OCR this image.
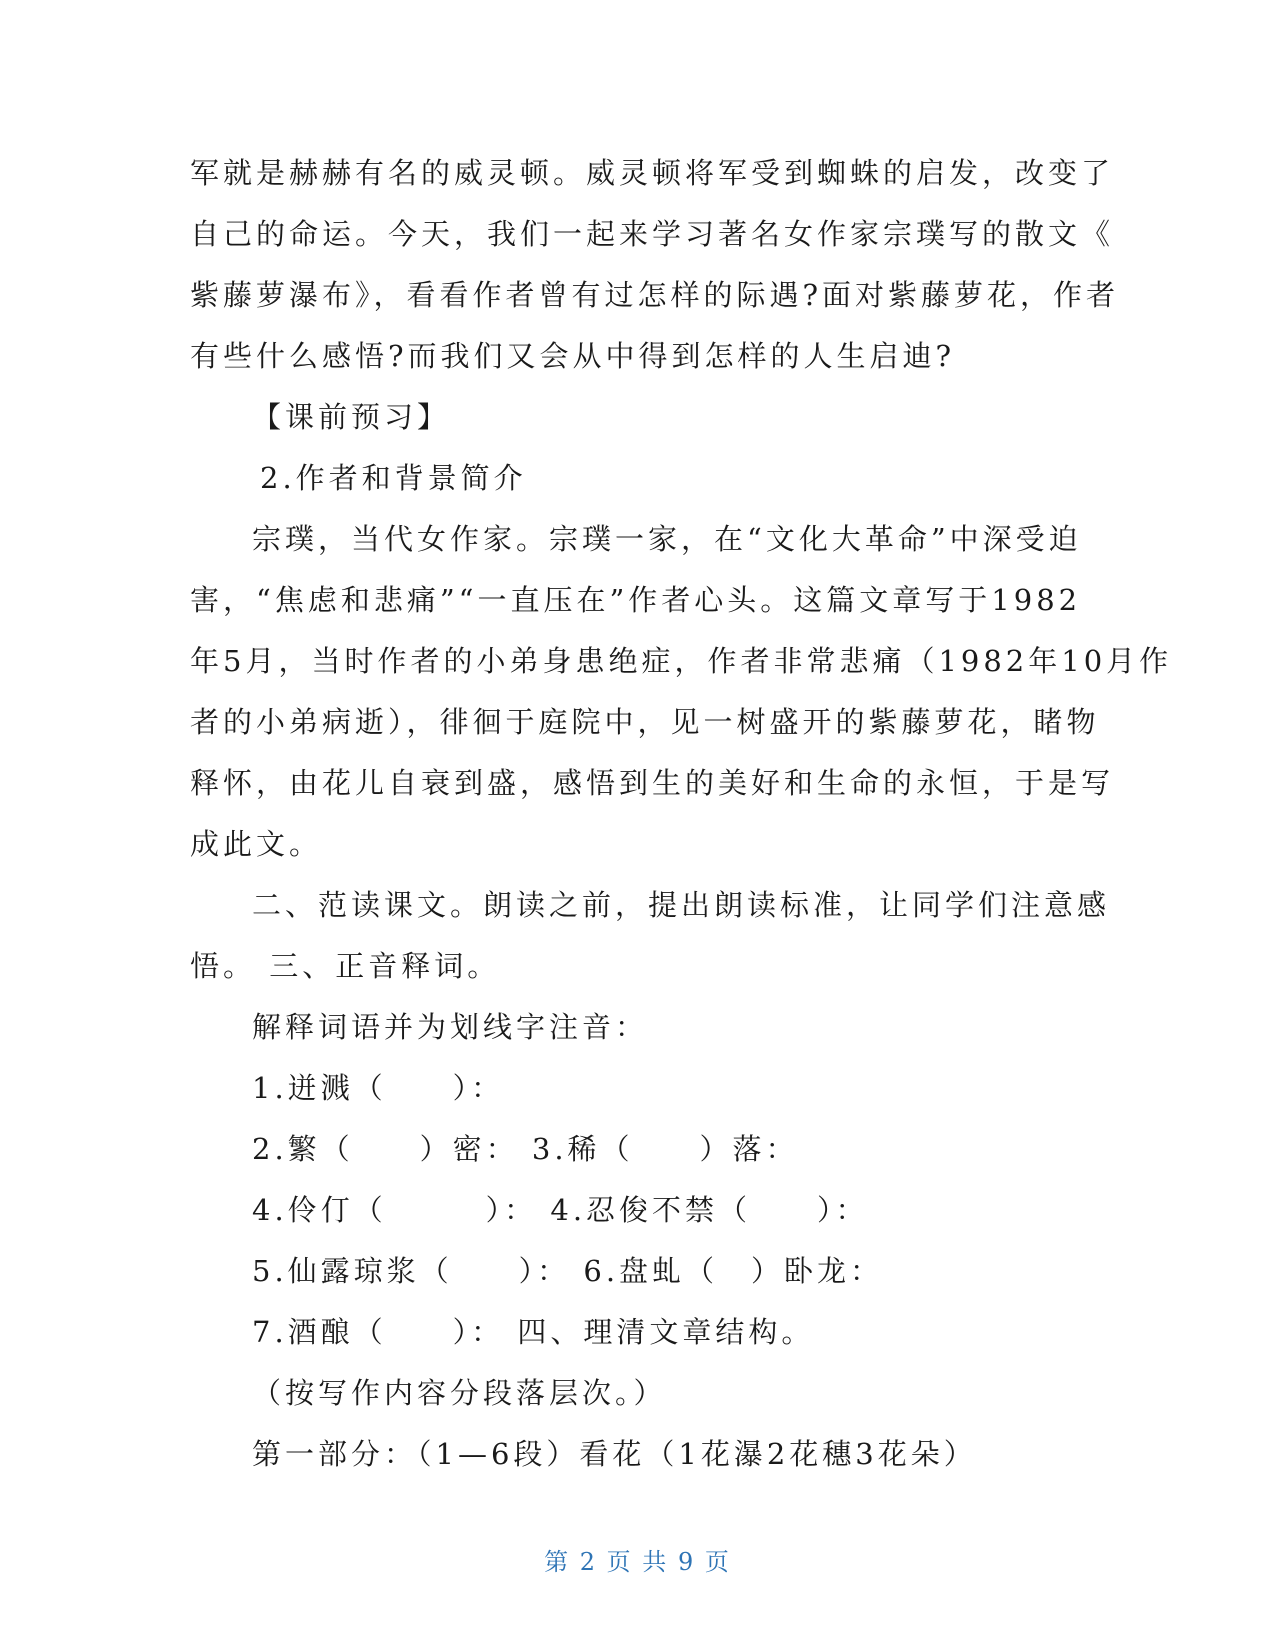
军就是赫赫有名的威灵顿。威灵顿将军受到蜘蛛的启发，改变了
自己的命运。今天，我们一起来学习著名女作家宗璞写的散文《
紫藤萝瀑布》，看看作者曾有过怎样的际遇?面对紫藤萝花，作者
有些什么感悟?而我们又会从中得到怎样的人生启迪?
【课前预习】
2.作者和背景简介
宗璞，当代女作家。宗璞一家，在“文化大革命”中深受迫
害，“焦虑和悲痛”“一直压在”作者心头。这篇文章写于1982
年5月，当时作者的小弟身患绝症，作者非常悲痛（1982年10月作
者的小弟病逝），徘徊于庭院中，见一树盛开的紫藤萝花，睹物
释怀，由花儿自衰到盛，感悟到生的美好和生命的永恒，于是写
成此文。
二、范读课文。朗读之前，提出朗读标准，让同学们注意感
悟。 三、正音释词。
解释词语并为划线字注音：
1.迸溅（　　）：
2.繁（　　）密： 3.稀（　　）落：
4.伶仃（　　　）： 4.忍俊不禁（　　）：
5.仙露琼浆（　　）： 6.盘虬（　）卧龙：
7.酒酿（　　）： 四、理清文章结构。
（按写作内容分段落层次。）
第一部分：（1—6段）看花（1花瀑2花穗3花朵）
第 2 页 共 9 页
